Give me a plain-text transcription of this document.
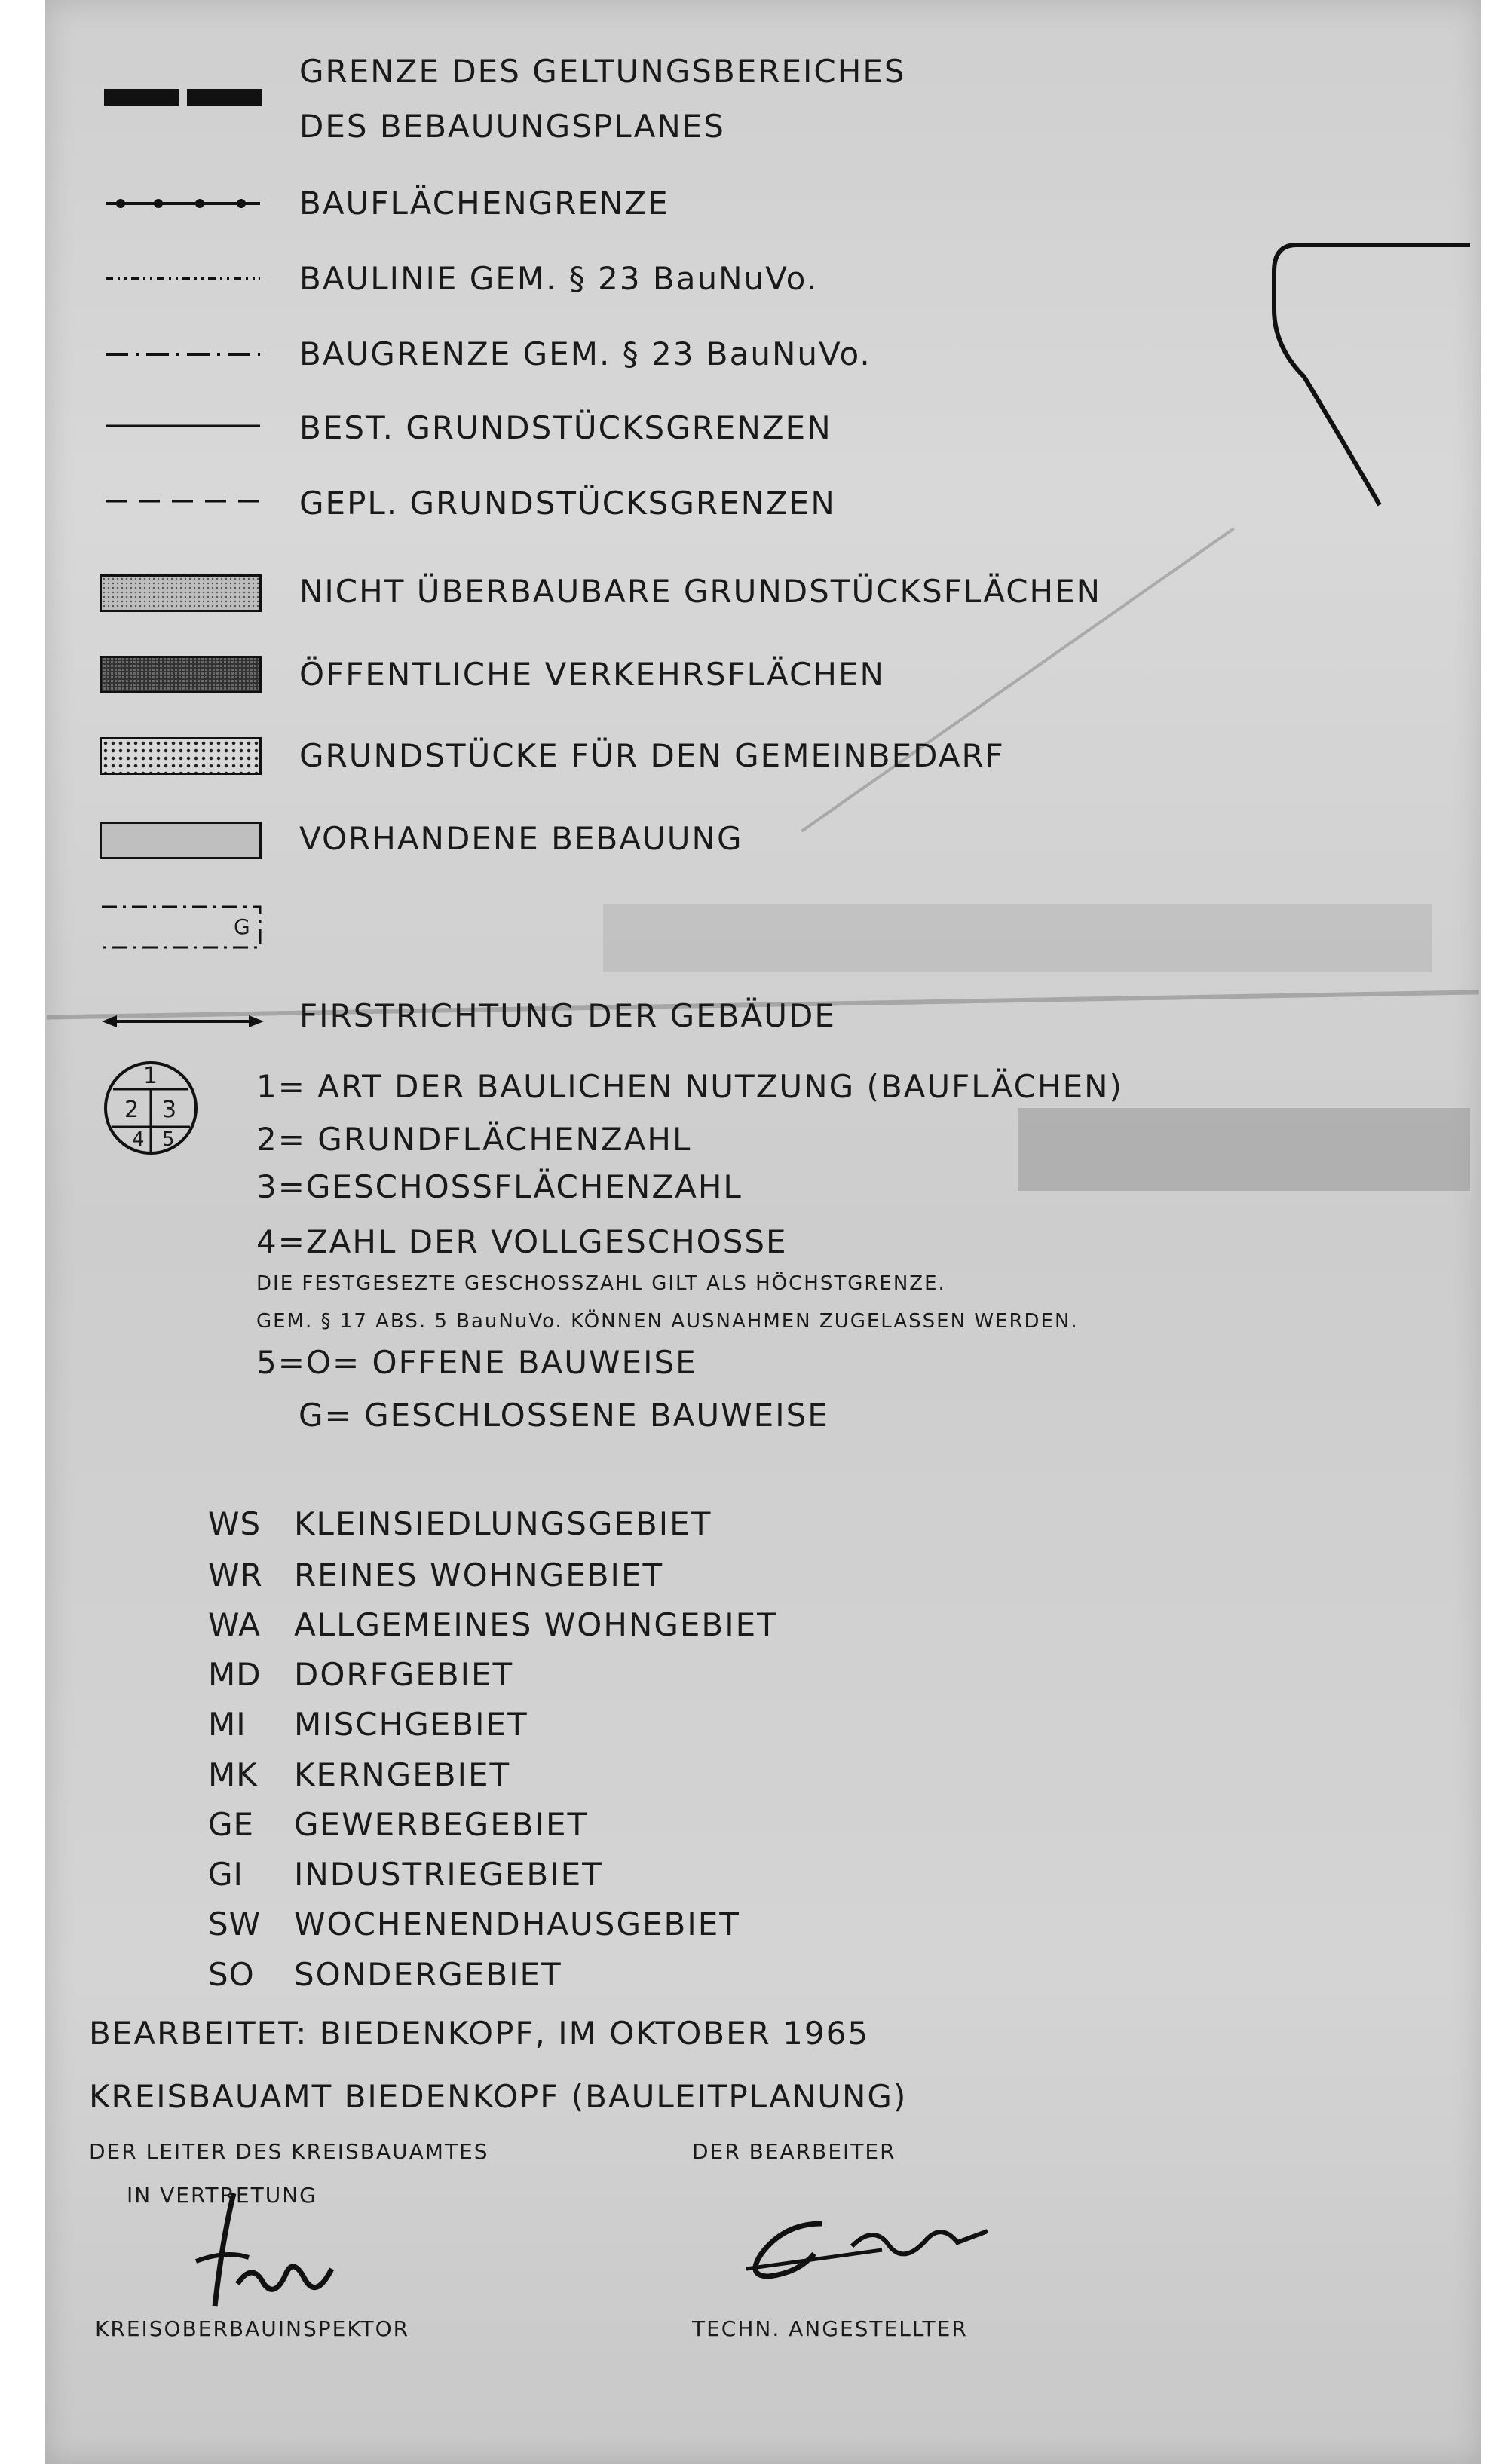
GRENZE DES GELTUNGSBEREICHES
DES BEBAUUNGSPLANES
BAUFLÄCHENGRENZE
BAULINIE GEM. § 23 BauNuVo.
BAUGRENZE GEM. § 23 BauNuVo.
BEST. GRUNDSTÜCKSGRENZEN
GEPL. GRUNDSTÜCKSGRENZEN
NICHT ÜBERBAUBARE GRUNDSTÜCKSFLÄCHEN
ÖFFENTLICHE VERKEHRSFLÄCHEN
GRUNDSTÜCKE FÜR DEN GEMEINBEDARF
VORHANDENE BEBAUUNG
G
FIRSTRICHTUNG DER GEBÄUDE
1
2 3
4 5
1= ART DER BAULICHEN NUTZUNG (BAUFLÄCHEN)
2= GRUNDFLÄCHENZAHL
3=GESCHOSSFLÄCHENZAHL
4=ZAHL DER VOLLGESCHOSSE
DIE FESTGESEZTE GESCHOSSZAHL GILT ALS HÖCHSTGRENZE.
GEM. § 17 ABS. 5 BauNuVo. KÖNNEN AUSNAHMEN ZUGELASSEN WERDEN.
5=O= OFFENE BAUWEISE
G= GESCHLOSSENE BAUWEISE
WS KLEINSIEDLUNGSGEBIET
WR REINES WOHNGEBIET
WA ALLGEMEINES WOHNGEBIET
MD DORFGEBIET
MI MISCHGEBIET
MK KERNGEBIET
GE GEWERBEGEBIET
GI INDUSTRIEGEBIET
SW WOCHENENDHAUSGEBIET
SO SONDERGEBIET
BEARBEITET: BIEDENKOPF, IM OKTOBER 1965
KREISBAUAMT BIEDENKOPF (BAULEITPLANUNG)
DER LEITER DES KREISBAUAMTES
IN VERTRETUNG
DER BEARBEITER
KREISOBERBAUINSPEKTOR	TECHN. ANGESTELLTER
